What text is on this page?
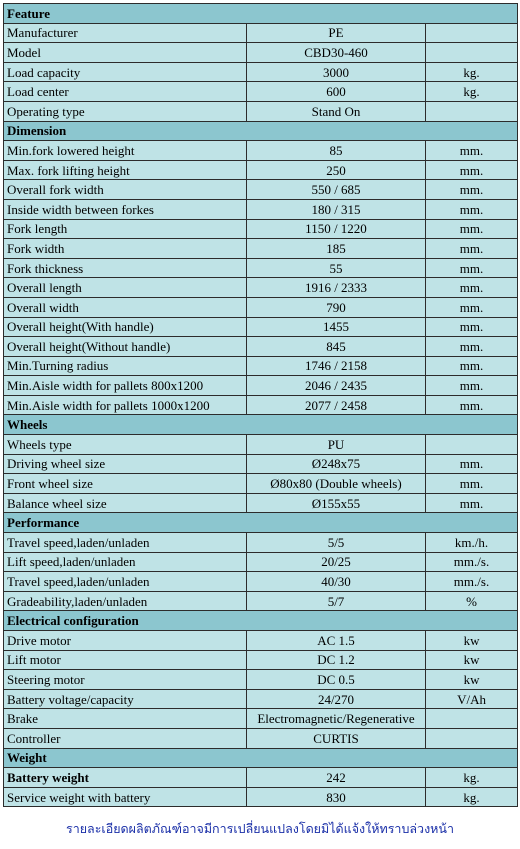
Feature		
Manufacturer	PE	
Model	CBD30-460	
Load capacity	3000	kg.
Load center	600	kg.
Operating type	Stand On	
Dimension		
Min.fork lowered height	85	mm.
Max. fork lifting height	250	mm.
Overall fork width	550 / 685	mm.
Inside width between forkes	180 / 315	mm.
Fork length	1150 / 1220	mm.
Fork width	185	mm.
Fork thickness	55	mm.
Overall length	1916 / 2333	mm.
Overall width	790	mm.
Overall height(With handle)	1455	mm.
Overall height(Without handle)	845	mm.
Min.Turning radius	1746 / 2158	mm.
Min.Aisle width for pallets 800x1200	2046 / 2435	mm.
Min.Aisle width for pallets 1000x1200	2077 / 2458	mm.
Wheels		
Wheels type	PU	
Driving wheel size	Ø248x75	mm.
Front wheel size	Ø80x80 (Double wheels)	mm.
Balance wheel size	Ø155x55	mm.
Performance		
Travel speed,laden/unladen	5/5	km./h.
Lift speed,laden/unladen	20/25	mm./s.
Travel speed,laden/unladen	40/30	mm./s.
Gradeability,laden/unladen	5/7	%
Electrical configuration		
Drive motor	AC 1.5	kw
Lift motor	DC 1.2	kw
Steering motor	DC 0.5	kw
Battery voltage/capacity	24/270	V/Ah
Brake	Electromagnetic/Regenerative	
Controller	CURTIS	
Weight		
Battery weight	242	kg.
Service weight with battery	830	kg.
รายละเอียดผลิตภัณฑ์อาจมีการเปลี่ยนแปลงโดยมิได้แจ้งให้ทราบล่วงหน้า
